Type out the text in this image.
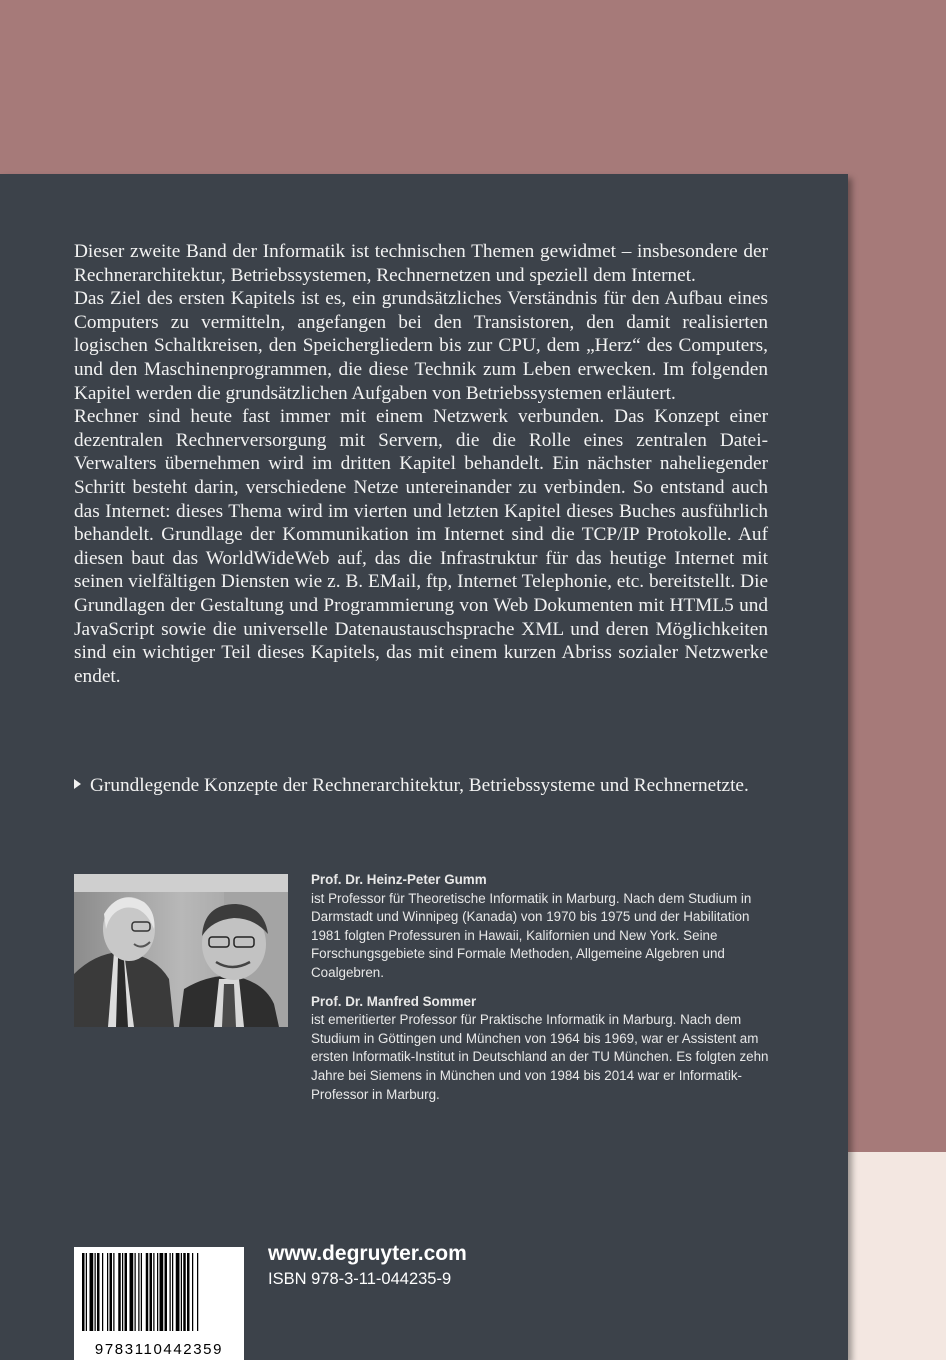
Dieser zweite Band der Informatik ist technischen Themen gewidmet – insbesondere der Rechnerarchitektur, Betriebssystemen, Rechnernetzen und speziell dem Internet.

Das Ziel des ersten Kapitels ist es, ein grundsätzliches Verständnis für den Aufbau eines Computers zu vermitteln, angefangen bei den Transistoren, den damit realisierten logischen Schaltkreisen, den Speichergliedern bis zur CPU, dem „Herz“ des Computers, und den Maschinenprogrammen, die diese Technik zum Leben erwecken. Im folgenden Kapitel werden die grundsätzlichen Aufgaben von Betriebssystemen erläutert.

Rechner sind heute fast immer mit einem Netzwerk verbunden. Das Konzept einer dezentralen Rechnerversorgung mit Servern, die die Rolle eines zentralen Datei-Verwalters übernehmen wird im dritten Kapitel behandelt. Ein nächster naheliegender Schritt besteht darin, verschiedene Netze untereinander zu verbinden. So entstand auch das Internet: dieses Thema wird im vierten und letzten Kapitel dieses Buches ausführlich behandelt. Grundlage der Kommunikation im Internet sind die TCP/IP Protokolle. Auf diesen baut das WorldWideWeb auf, das die Infrastruktur für das heutige Internet mit seinen vielfältigen Diensten wie z. B. EMail, ftp, Internet Telephonie, etc. bereitstellt. Die Grundlagen der Gestaltung und Programmierung von Web Dokumenten mit HTML5 und JavaScript sowie die universelle Datenaustauschsprache XML und deren Möglichkeiten sind ein wichtiger Teil dieses Kapitels, das mit einem kurzen Abriss sozialer Netzwerke endet.

Grundlegende Konzepte der Rechnerarchitektur, Betriebssysteme und Rechnernetzte.
Prof. Dr. Heinz-Peter Gumm
ist Professor für Theoretische Informatik in Marburg. Nach dem Studium in Darmstadt und Winnipeg (Kanada) von 1970 bis 1975 und der Habilitation 1981 folgten Professuren in Hawaii, Kalifornien und New York. Seine Forschungsgebiete sind Formale Methoden, Allgemeine Algebren und Coalgebren.
Prof. Dr. Manfred Sommer
ist emeritierter Professor für Praktische Informatik in Marburg. Nach dem Studium in Göttingen und München von 1964 bis 1969, war er Assistent am ersten Informatik-Institut in Deutschland an der TU München. Es folgten zehn Jahre bei Siemens in München und von 1984 bis 2014 war er Informatik-Professor in Marburg.
9783110442359
www.degruyter.com
ISBN 978-3-11-044235-9
